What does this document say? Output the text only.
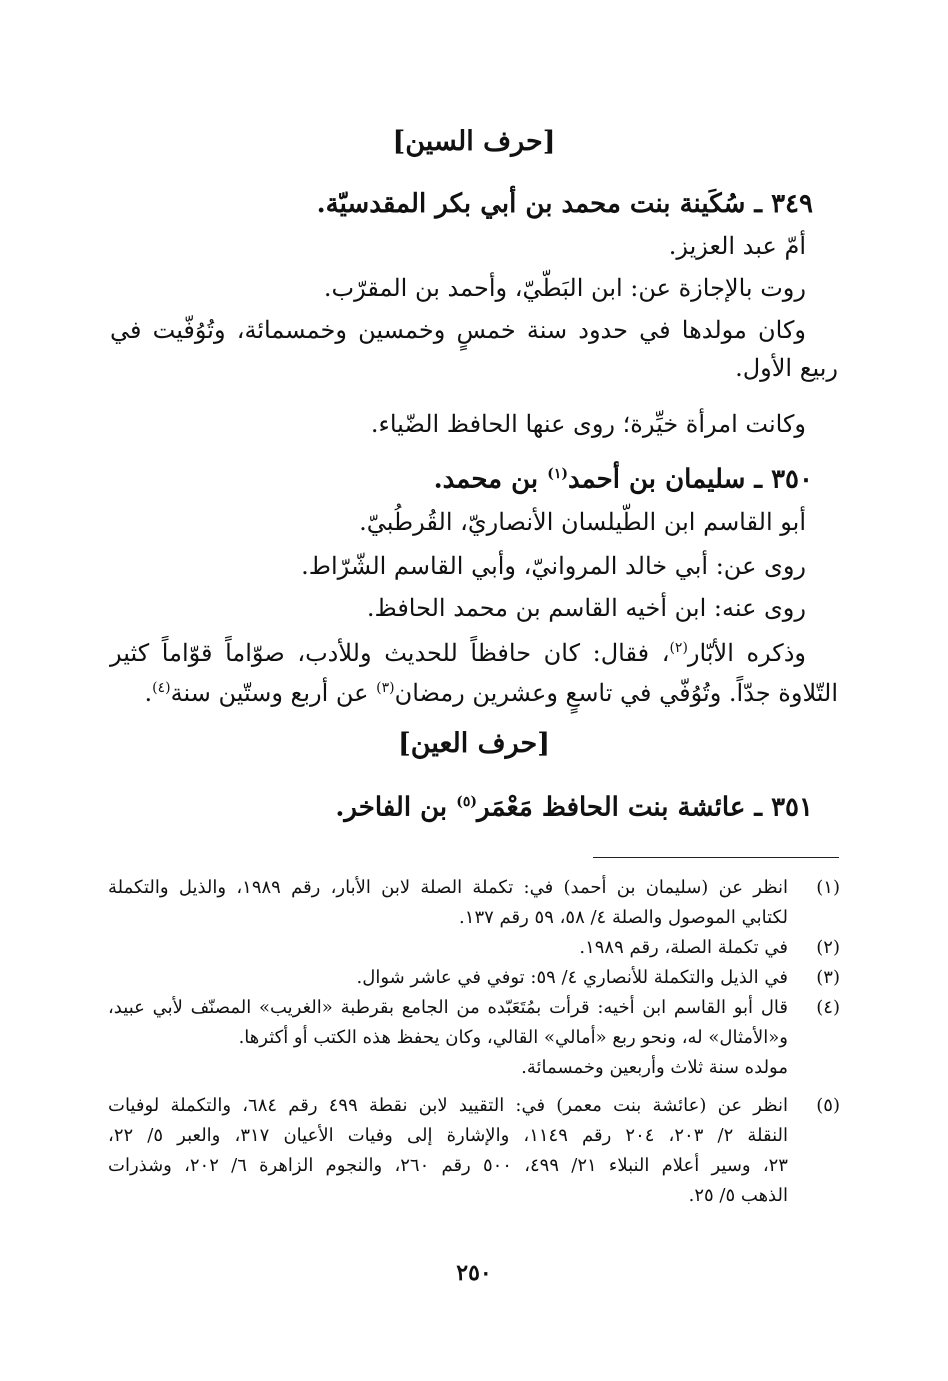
[حرف السين]
٣٤٩ ـ سُكَينة بنت محمد بن أبي بكر المقدسيّة.
أمّ عبد العزيز.
روت بالإجازة عن: ابن البَطّيّ، وأحمد بن المقرّب.
وكان مولدها في حدود سنة خمسٍ وخمسين وخمسمائة، وتُوُفّيت في
ربيع الأول.
وكانت امرأة خيِّرة؛ روى عنها الحافظ الضّياء.
٣٥٠ ـ سليمان بن أحمد$^{(١)}$ بن محمد.
أبو القاسم ابن الطّيلسان الأنصاريّ، القُرطُبيّ.
روى عن: أبي خالد المروانيّ، وأبي القاسم الشّرّاط.
روى عنه: ابن أخيه القاسم بن محمد الحافظ.
وذكره الأبّار$^{(٢)}$، فقال: كان حافظاً للحديث وللأدب، صوّاماً قوّاماً كثير
التّلاوة جدّاً. وتُوُفّي في تاسعٍ وعشرين رمضان$^{(٣)}$ عن أربع وستّين سنة$^{(٤)}$.
[حرف العين]
٣٥١ ـ عائشة بنت الحافظ مَعْمَر$^{(٥)}$ بن الفاخر.
(١)
انظر عن (سليمان بن أحمد) في: تكملة الصلة لابن الأبار، رقم ١٩٨٩، والذيل والتكملة
لكتابي الموصول والصلة ٤/ ٥٨، ٥٩ رقم ١٣٧.
(٢)
في تكملة الصلة، رقم ١٩٨٩.
(٣)
في الذيل والتكملة للأنصاري ٤/ ٥٩: توفي في عاشر شوال.
(٤)
قال أبو القاسم ابن أخيه: قرأت بمُتَعَبّده من الجامع بقرطبة «الغريب» المصنّف لأبي عبيد،
و«الأمثال» له، ونحو ربع «أمالي» القالي، وكان يحفظ هذه الكتب أو أكثرها.
مولده سنة ثلاث وأربعين وخمسمائة.
(٥)
انظر عن (عائشة بنت معمر) في: التقييد لابن نقطة ٤٩٩ رقم ٦٨٤، والتكملة لوفيات
النقلة ٢/ ٢٠٣، ٢٠٤ رقم ١١٤٩، والإشارة إلى وفيات الأعيان ٣١٧، والعبر ٥/ ٢٢،
٢٣، وسير أعلام النبلاء ٢١/ ٤٩٩، ٥٠٠ رقم ٢٦٠، والنجوم الزاهرة ٦/ ٢٠٢، وشذرات
الذهب ٥/ ٢٥.
٢٥٠
